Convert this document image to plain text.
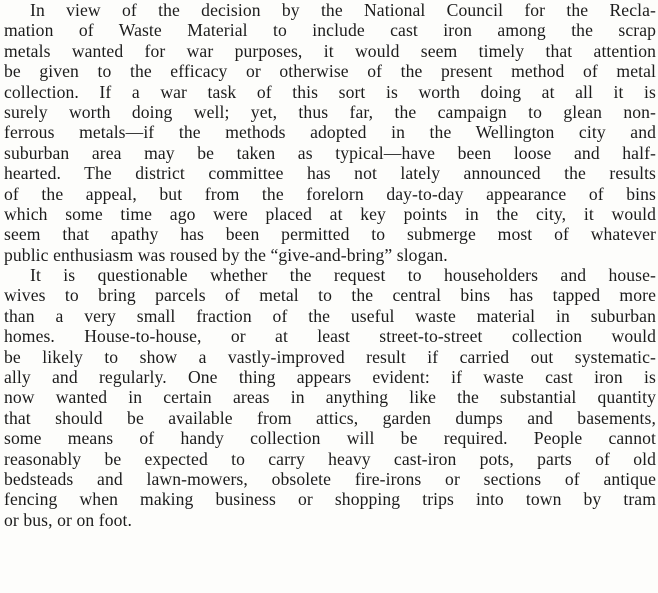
In view of the decision by the National Council for the Recla-
mation of Waste Material to include cast iron among the scrap
metals wanted for war purposes, it would seem timely that attention
be given to the efficacy or otherwise of the present method of metal
collection. If a war task of this sort is worth doing at all it is
surely worth doing well; yet, thus far, the campaign to glean non-
ferrous metals—if the methods adopted in the Wellington city and
suburban area may be taken as typical—have been loose and half-
hearted. The district committee has not lately announced the results
of the appeal, but from the forelorn day-to-day appearance of bins
which some time ago were placed at key points in the city, it would
seem that apathy has been permitted to submerge most of whatever
public enthusiasm was roused by the “give-and-bring” slogan.
It is questionable whether the request to householders and house-
wives to bring parcels of metal to the central bins has tapped more
than a very small fraction of the useful waste material in suburban
homes. House-to-house, or at least street-to-street collection would
be likely to show a vastly-improved result if carried out systematic-
ally and regularly. One thing appears evident: if waste cast iron is
now wanted in certain areas in anything like the substantial quantity
that should be available from attics, garden dumps and basements,
some means of handy collection will be required. People cannot
reasonably be expected to carry heavy cast-iron pots, parts of old
bedsteads and lawn-mowers, obsolete fire-irons or sections of antique
fencing when making business or shopping trips into town by tram
or bus, or on foot.
